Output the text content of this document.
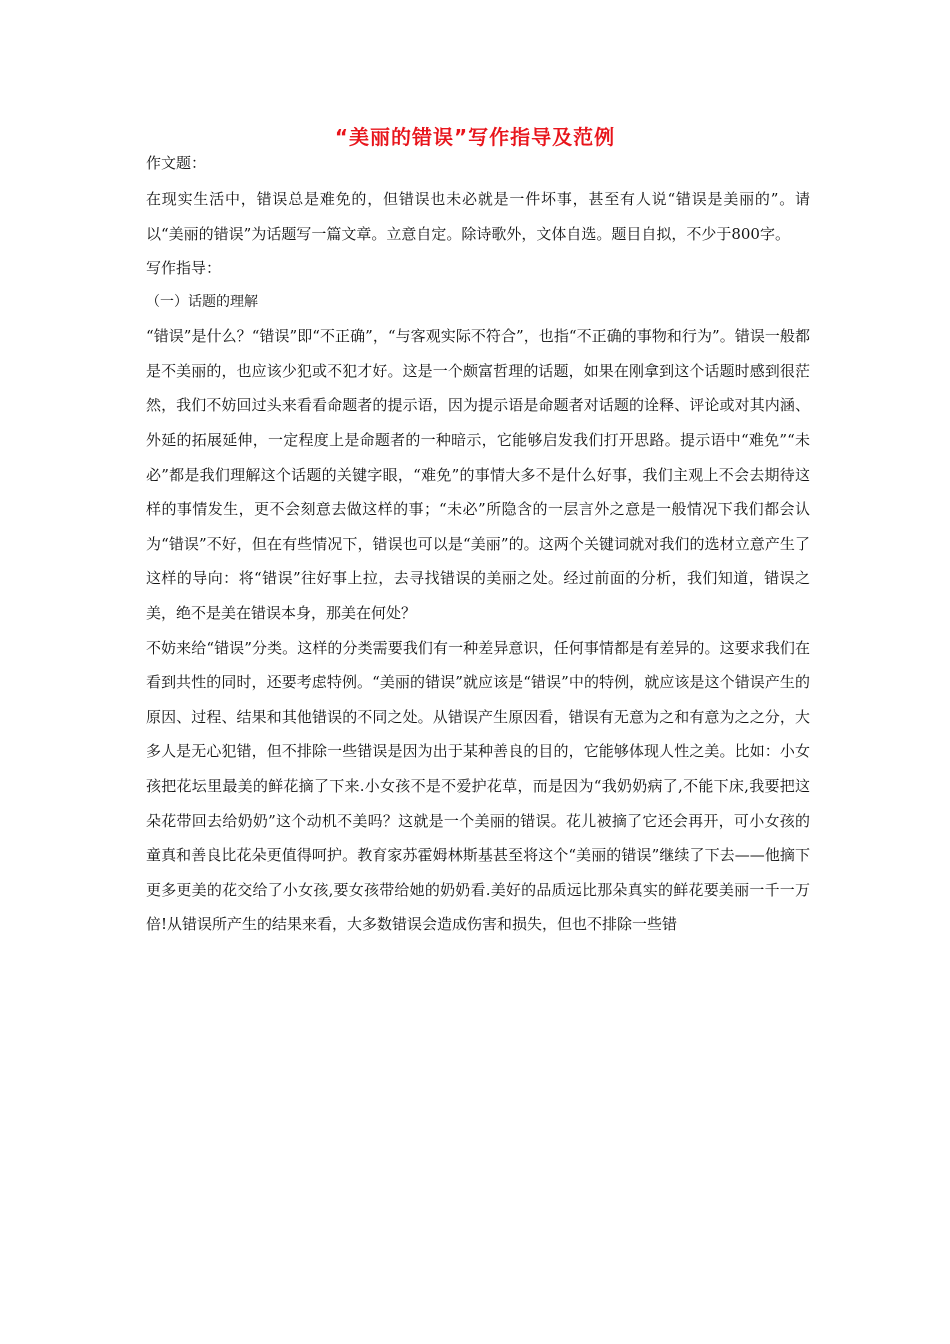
“美丽的错误”写作指导及范例
作文题：
在现实生活中，错误总是难免的，但错误也未必就是一件坏事，甚至有人说“错误是美丽的”。请以“美丽的错误”为话题写一篇文章。立意自定。除诗歌外，文体自选。题目自拟，不少于800字。
写作指导：
（一）话题的理解
“错误”是什么？“错误”即“不正确”，“与客观实际不符合”，也指“不正确的事物和行为”。错误一般都是不美丽的，也应该少犯或不犯才好。这是一个颇富哲理的话题，如果在刚拿到这个话题时感到很茫然，我们不妨回过头来看看命题者的提示语，因为提示语是命题者对话题的诠释、评论或对其内涵、外延的拓展延伸，一定程度上是命题者的一种暗示，它能够启发我们打开思路。提示语中“难免”“未必”都是我们理解这个话题的关键字眼，“难免”的事情大多不是什么好事，我们主观上不会去期待这样的事情发生，更不会刻意去做这样的事；“未必”所隐含的一层言外之意是一般情况下我们都会认为“错误”不好，但在有些情况下，错误也可以是“美丽”的。这两个关键词就对我们的选材立意产生了这样的导向：将“错误”往好事上拉，去寻找错误的美丽之处。经过前面的分析，我们知道，错误之美，绝不是美在错误本身，那美在何处？
不妨来给“错误”分类。这样的分类需要我们有一种差异意识，任何事情都是有差异的。这要求我们在看到共性的同时，还要考虑特例。“美丽的错误”就应该是“错误”中的特例，就应该是这个错误产生的原因、过程、结果和其他错误的不同之处。从错误产生原因看，错误有无意为之和有意为之之分，大多人是无心犯错，但不排除一些错误是因为出于某种善良的目的，它能够体现人性之美。比如：小女孩把花坛里最美的鲜花摘了下来.小女孩不是不爱护花草，而是因为“我奶奶病了,不能下床,我要把这朵花带回去给奶奶”这个动机不美吗？这就是一个美丽的错误。花儿被摘了它还会再开，可小女孩的童真和善良比花朵更值得呵护。教育家苏霍姆林斯基甚至将这个“美丽的错误”继续了下去——他摘下更多更美的花交给了小女孩,要女孩带给她的奶奶看.美好的品质远比那朵真实的鲜花要美丽一千一万倍!从错误所产生的结果来看，大多数错误会造成伤害和损失，但也不排除一些错
